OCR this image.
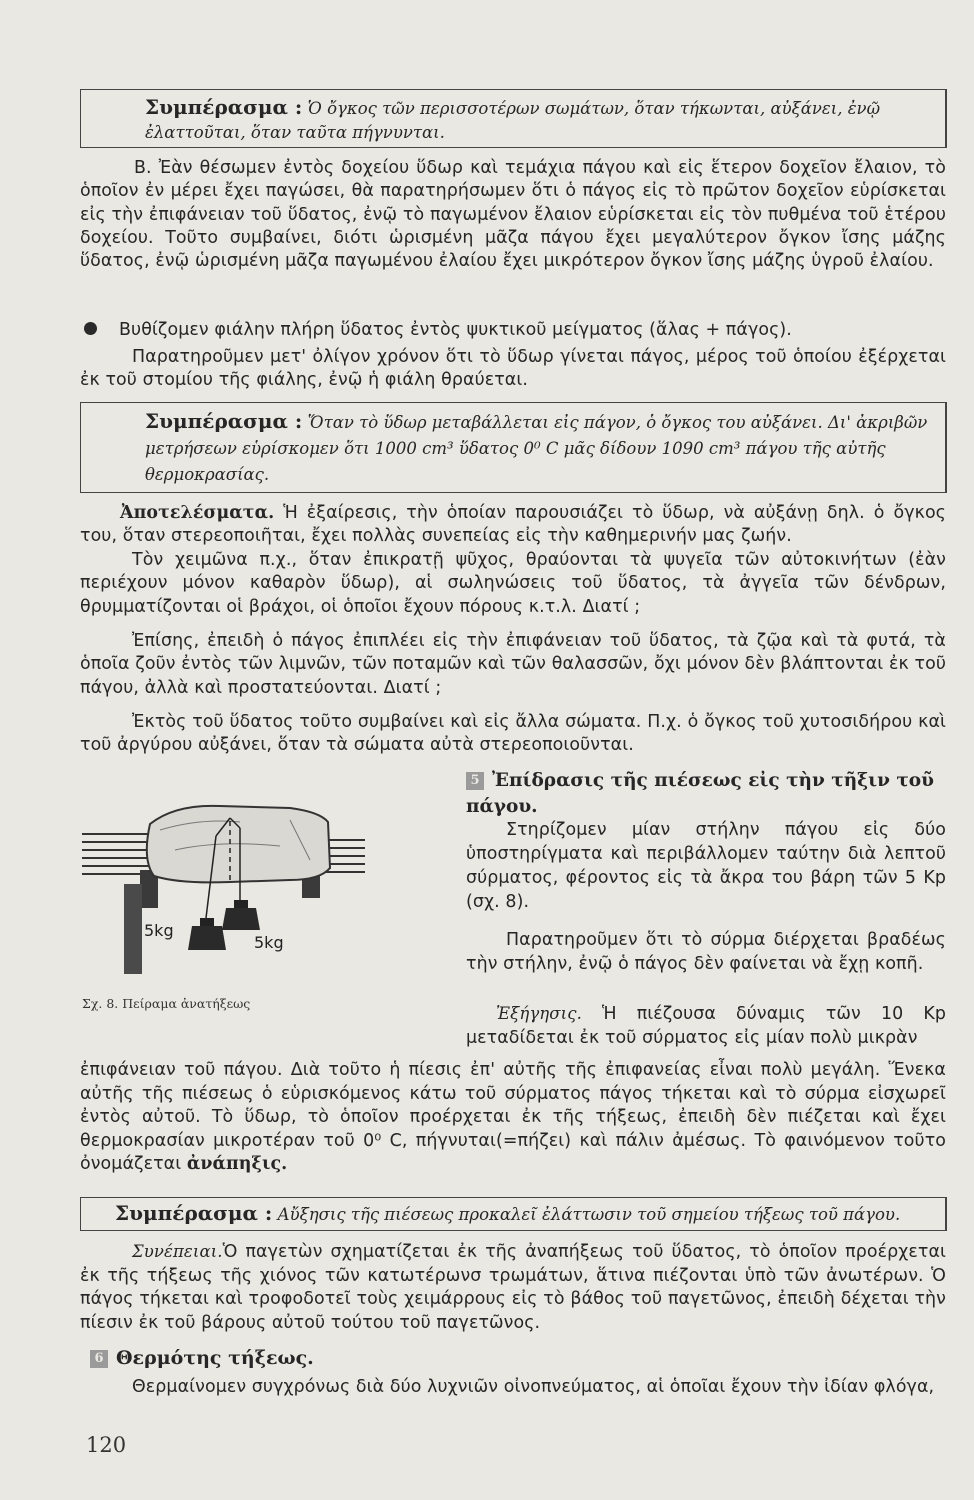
Συμπέρασμα : Ὁ ὄγκος τῶν περισσοτέρων σωμάτων, ὅταν τήκωνται, αὐξάνει, ἐνῷ ἐλαττοῦται, ὅταν ταῦτα πήγνυνται.
Β. Ἐὰν θέσωμεν ἐντὸς δοχείου ὕδωρ καὶ τεμάχια πάγου καὶ εἰς ἕτερον δοχεῖον ἔλαιον, τὸ ὁποῖον ἐν μέρει ἔχει παγώσει, θὰ παρατηρήσωμεν ὅτι ὁ πάγος εἰς τὸ πρῶτον δοχεῖον εὑρίσκεται εἰς τὴν ἐπιφάνειαν τοῦ ὕδατος, ἐνῷ τὸ παγωμένον ἔλαιον εὑρίσκεται εἰς τὸν πυθμένα τοῦ ἑτέρου δοχείου. Τοῦτο συμβαίνει, διότι ὡρισμένη μᾶζα πάγου ἔχει μεγαλύτερον ὄγκον ἴσης μάζης ὕδατος, ἐνῷ ὡρισμένη μᾶζα παγωμένου ἐλαίου ἔχει μικρότερον ὄγκον ἴσης μάζης ὑγροῦ ἐλαίου.
Βυθίζομεν φιάλην πλήρη ὕδατος ἐντὸς ψυκτικοῦ μείγματος (ἅλας + πάγος).
Παρατηροῦμεν μετ' ὀλίγον χρόνον ὅτι τὸ ὕδωρ γίνεται πάγος, μέρος τοῦ ὁποίου ἐξέρχεται ἐκ τοῦ στομίου τῆς φιάλης, ἐνῷ ἡ φιάλη θραύεται.
Συμπέρασμα : Ὅταν τὸ ὕδωρ μεταβάλλεται εἰς πάγον, ὁ ὄγκος του αὐξάνει. Δι' ἀκριβῶν μετρήσεων εὑρίσκομεν ὅτι 1000 cm³ ὕδατος 0⁰ C μᾶς δίδουν 1090 cm³ πάγου τῆς αὐτῆς θερμοκρασίας.
Ἀποτελέσματα. Ἡ ἐξαίρεσις, τὴν ὁποίαν παρουσιάζει τὸ ὕδωρ, νὰ αὐξάνῃ δηλ. ὁ ὄγκος του, ὅταν στερεοποιῆται, ἔχει πολλὰς συνεπείας εἰς τὴν καθημερινήν μας ζωήν.
Τὸν χειμῶνα π.χ., ὅταν ἐπικρατῇ ψῦχος, θραύονται τὰ ψυγεῖα τῶν αὐτοκινήτων (ἐὰν περιέχουν μόνον καθαρὸν ὕδωρ), αἱ σωληνώσεις τοῦ ὕδατος, τὰ ἀγγεῖα τῶν δένδρων, θρυμματίζονται οἱ βράχοι, οἱ ὁποῖοι ἔχουν πόρους κ.τ.λ. Διατί ;
Ἐπίσης, ἐπειδὴ ὁ πάγος ἐπιπλέει εἰς τὴν ἐπιφάνειαν τοῦ ὕδατος, τὰ ζῷα καὶ τὰ φυτά, τὰ ὁποῖα ζοῦν ἐντὸς τῶν λιμνῶν, τῶν ποταμῶν καὶ τῶν θαλασσῶν, ὄχι μόνον δὲν βλάπτονται ἐκ τοῦ πάγου, ἀλλὰ καὶ προστατεύονται. Διατί ;
Ἐκτὸς τοῦ ὕδατος τοῦτο συμβαίνει καὶ εἰς ἄλλα σώματα. Π.χ. ὁ ὄγκος τοῦ χυτοσιδήρου καὶ τοῦ ἀργύρου αὐξάνει, ὅταν τὰ σώματα αὐτὰ στερεοποιοῦνται.
5 Ἐπίδρασις τῆς πιέσεως εἰς τὴν τῆξιν τοῦ
πάγου.
Στηρίζομεν μίαν στήλην πάγου εἰς δύο ὑποστηρίγματα καὶ περιβάλλομεν ταύτην διὰ λεπτοῦ σύρματος, φέροντος εἰς τὰ ἄκρα του βάρη τῶν 5 Kp (σχ. 8).
Παρατηροῦμεν ὅτι τὸ σύρμα διέρχεται βραδέως τὴν στήλην, ἐνῷ ὁ πάγος δὲν φαίνεται νὰ ἔχῃ κοπῆ.
Ἐξήγησις. Ἡ πιέζουσα δύναμις τῶν 10 Kp μεταδίδεται ἐκ τοῦ σύρματος εἰς μίαν πολὺ μικρὰν
5kg
5kg
Σχ. 8. Πείραμα ἀνατήξεως
ἐπιφάνειαν τοῦ πάγου. Διὰ τοῦτο ἡ πίεσις ἐπ' αὐτῆς τῆς ἐπιφανείας εἶναι πολὺ μεγάλη. Ἕνεκα αὐτῆς τῆς πιέσεως ὁ εὑρισκόμενος κάτω τοῦ σύρματος πάγος τήκεται καὶ τὸ σύρμα εἰσχωρεῖ ἐντὸς αὐτοῦ. Τὸ ὕδωρ, τὸ ὁποῖον προέρχεται ἐκ τῆς τήξεως, ἐπειδὴ δὲν πιέζεται καὶ ἔχει θερμοκρασίαν μικροτέραν τοῦ 0⁰ C, πήγνυται(=πήζει) καὶ πάλιν ἀμέσως. Τὸ φαινόμενον τοῦτο ὀνομάζεται ἀνάπηξις.
Συμπέρασμα : Αὔξησις τῆς πιέσεως προκαλεῖ ἐλάττωσιν τοῦ σημείου τήξεως τοῦ πάγου.
Συνέπειαι.Ὁ παγετὼν σχηματίζεται ἐκ τῆς ἀναπήξεως τοῦ ὕδατος, τὸ ὁποῖον προέρχεται ἐκ τῆς τήξεως τῆς χιόνος τῶν κατωτέρωνσ τρωμάτων, ἅτινα πιέζονται ὑπὸ τῶν ἀνωτέρων. Ὁ πάγος τήκεται καὶ τροφοδοτεῖ τοὺς χειμάρρους εἰς τὸ βάθος τοῦ παγετῶνος, ἐπειδὴ δέχεται τὴν πίεσιν ἐκ τοῦ βάρους αὐτοῦ τούτου τοῦ παγετῶνος.
6 Θερμότης τήξεως.
Θερμαίνομεν συγχρόνως διὰ δύο λυχνιῶν οἰνοπνεύματος, αἱ ὁποῖαι ἔχουν τὴν ἰδίαν φλόγα,
120
